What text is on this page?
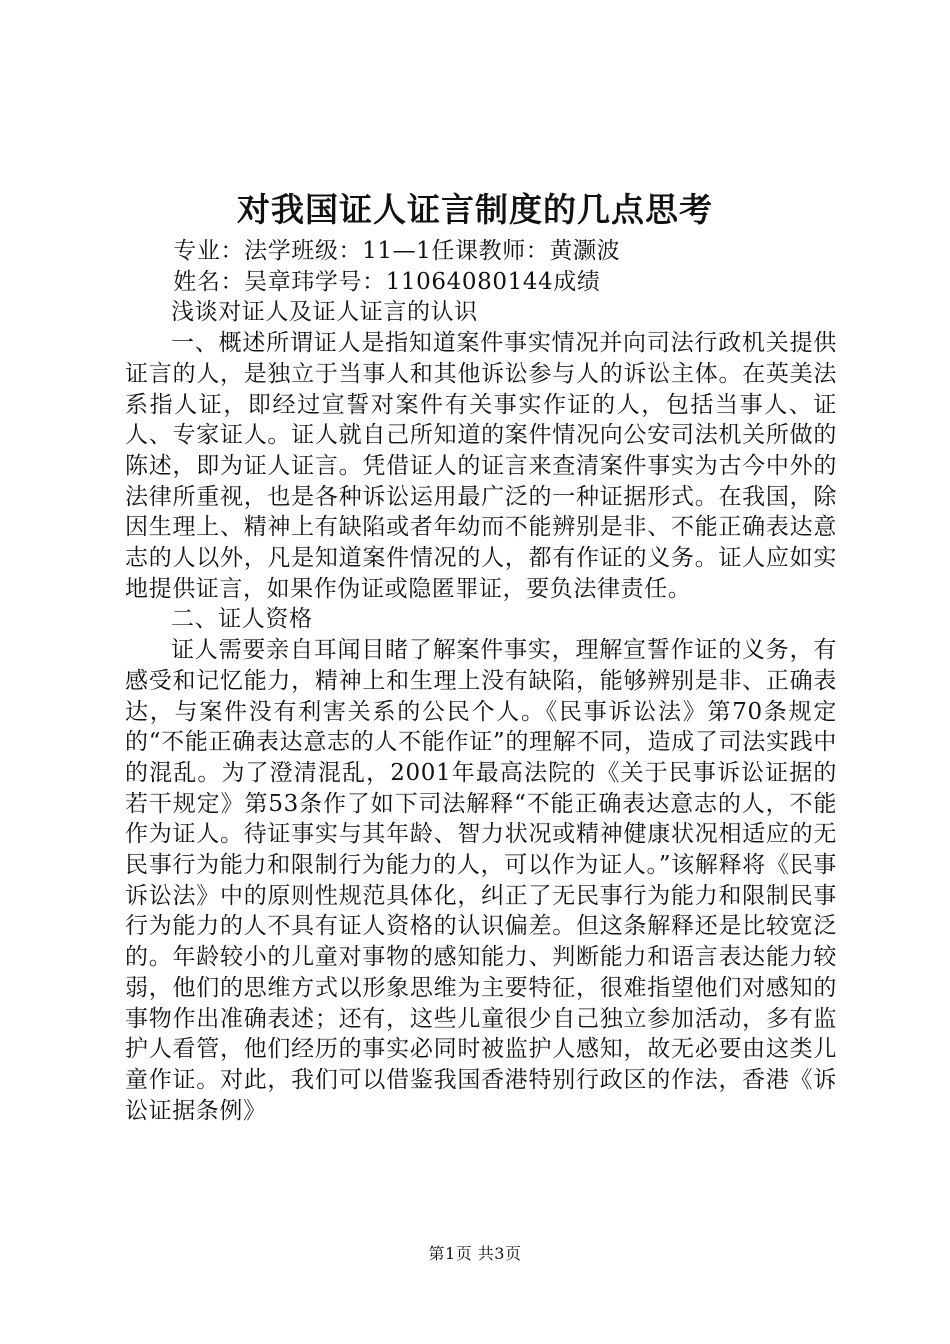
对我国证人证言制度的几点思考

专业：法学班级：11—1任课教师：黄灏波

姓名：吴章玮学号：11064080144成绩

浅谈对证人及证人证言的认识

一、概述所谓证人是指知道案件事实情况并向司法行政机关提供证言的人，是独立于当事人和其他诉讼参与人的诉讼主体。在英美法系指人证，即经过宣誓对案件有关事实作证的人，包括当事人、证人、专家证人。证人就自己所知道的案件情况向公安司法机关所做的陈述，即为证人证言。凭借证人的证言来查清案件事实为古今中外的法律所重视，也是各种诉讼运用最广泛的一种证据形式。在我国，除因生理上、精神上有缺陷或者年幼而不能辨别是非、不能正确表达意志的人以外，凡是知道案件情况的人，都有作证的义务。证人应如实地提供证言，如果作伪证或隐匿罪证，要负法律责任。

二、证人资格

证人需要亲自耳闻目睹了解案件事实，理解宣誓作证的义务，有感受和记忆能力，精神上和生理上没有缺陷，能够辨别是非、正确表达，与案件没有利害关系的公民个人。《民事诉讼法》第70条规定的“不能正确表达意志的人不能作证”的理解不同，造成了司法实践中的混乱。为了澄清混乱，2001年最高法院的《关于民事诉讼证据的若干规定》第53条作了如下司法解释“不能正确表达意志的人，不能作为证人。待证事实与其年龄、智力状况或精神健康状况相适应的无民事行为能力和限制行为能力的人，可以作为证人。”该解释将《民事诉讼法》中的原则性规范具体化，纠正了无民事行为能力和限制民事行为能力的人不具有证人资格的认识偏差。但这条解释还是比较宽泛的。年龄较小的儿童对事物的感知能力、判断能力和语言表达能力较弱，他们的思维方式以形象思维为主要特征，很难指望他们对感知的事物作出准确表述；还有，这些儿童很少自己独立参加活动，多有监护人看管，他们经历的事实必同时被监护人感知，故无必要由这类儿童作证。对此，我们可以借鉴我国香港特别行政区的作法，香港《诉讼证据条例》

第1页 共3页
